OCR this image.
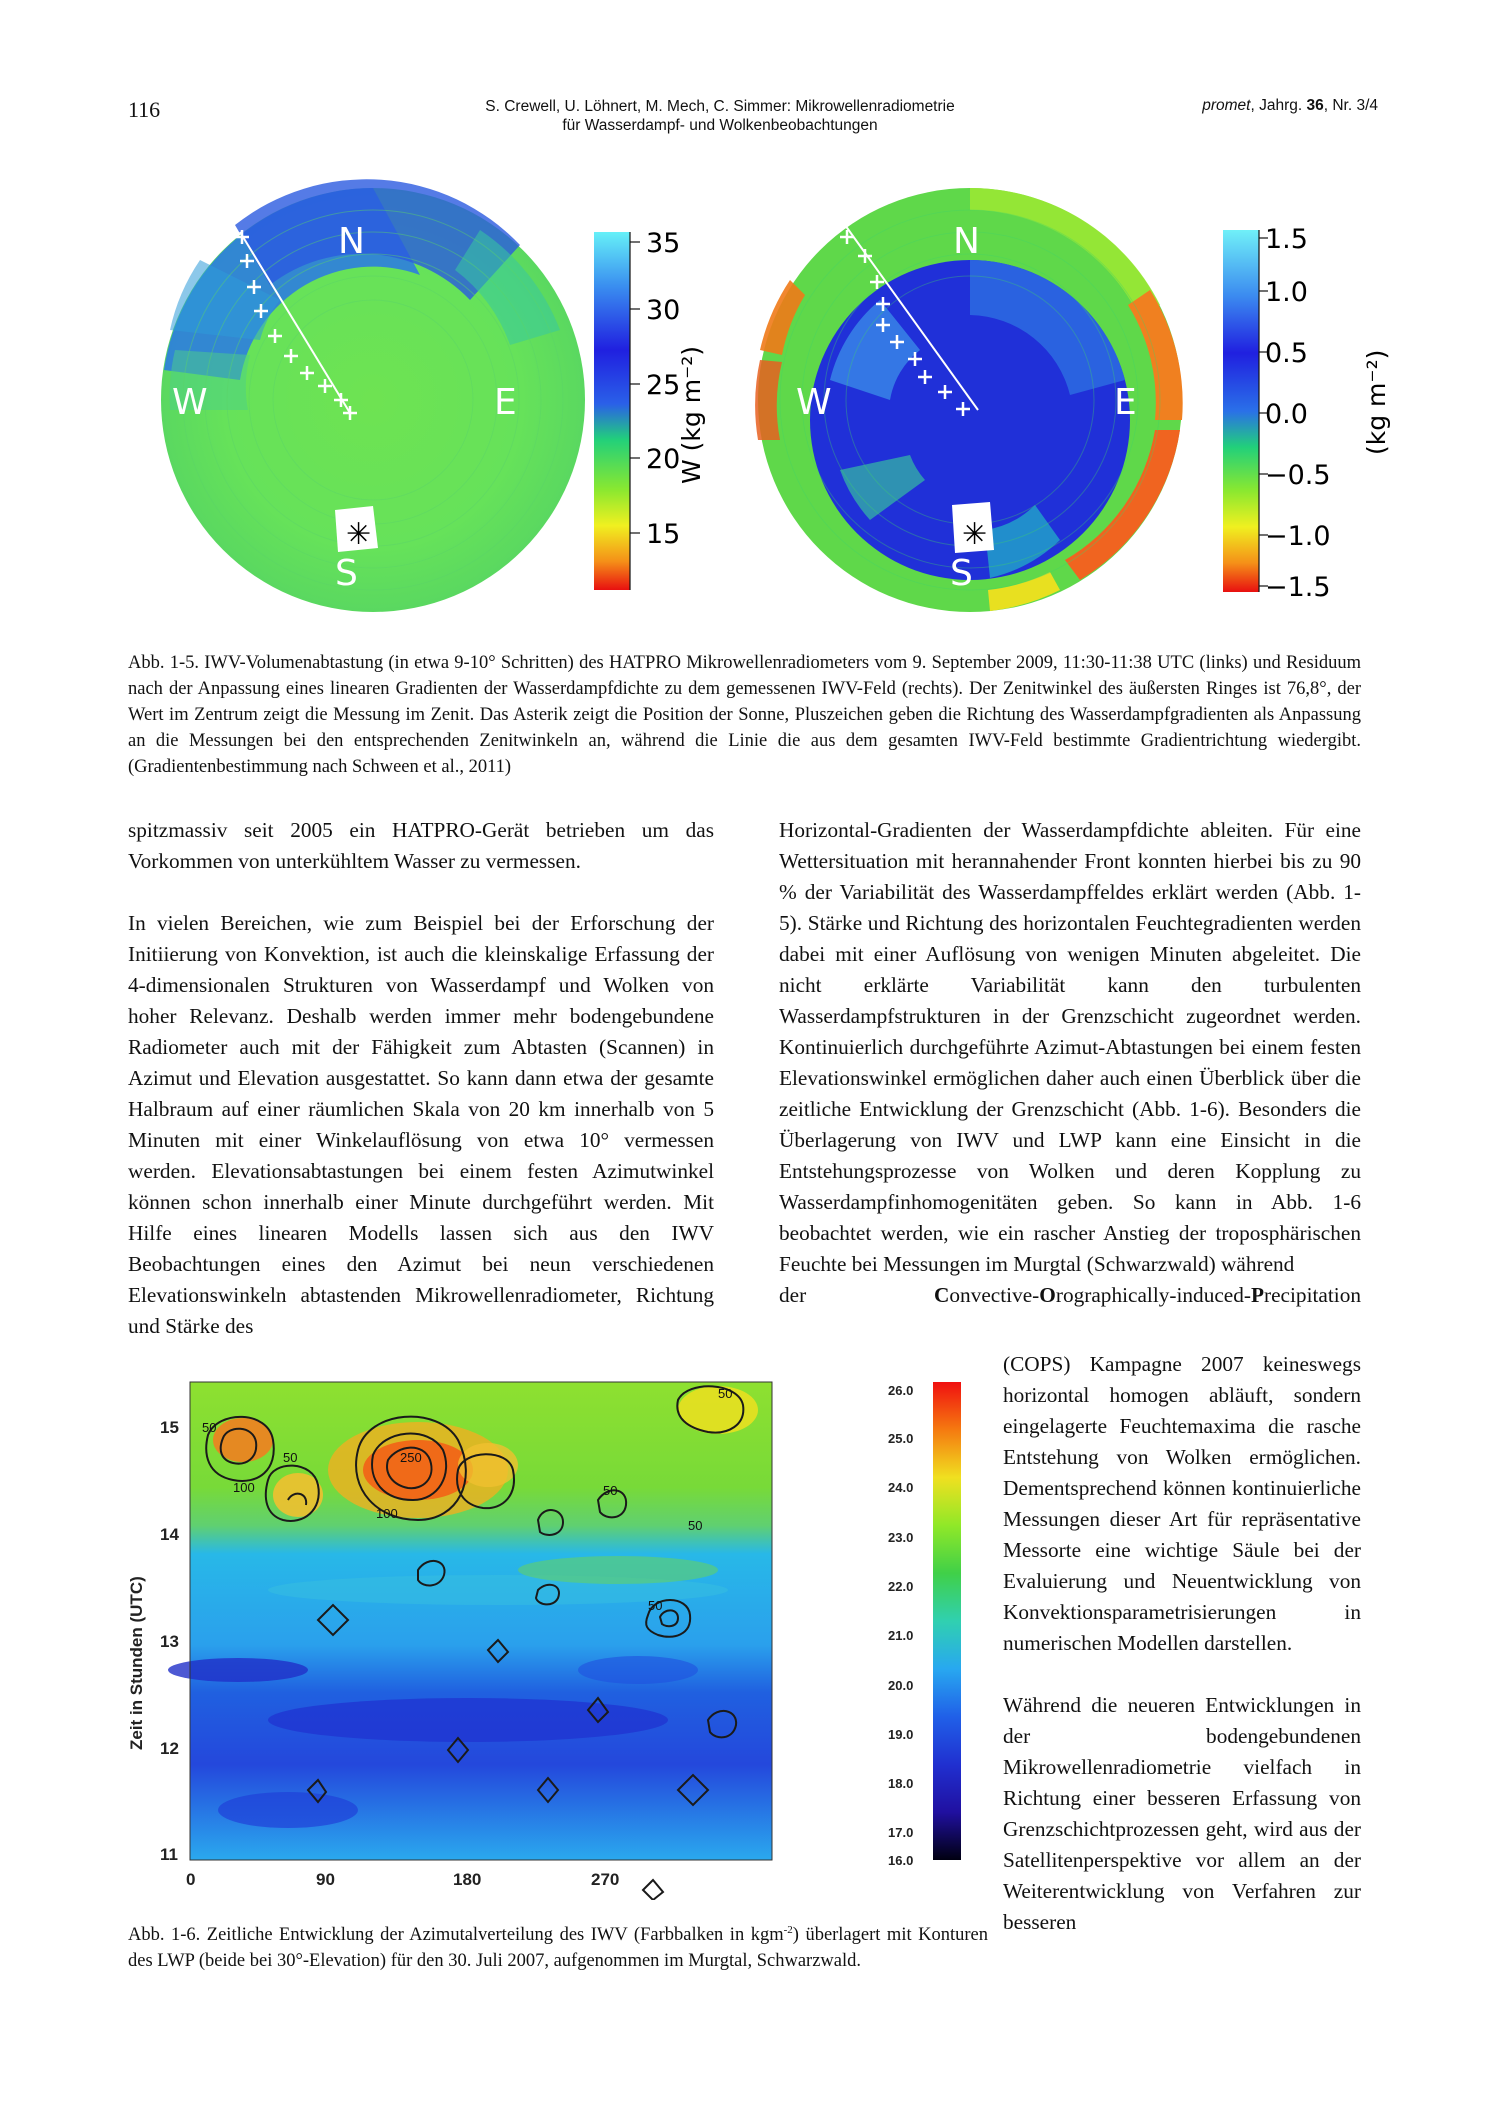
116	S. Crewell, U. Löhnert, M. Mech, C. Simmer: Mikrowellenradiometrie
für Wasserdampf- und Wolkenbeobachtungen
promet, Jahrg. 36, Nr. 3/4
N
W	E
S
✳
35
30
25
20
15
W (kg m⁻²)
N
W	E
S
✳
1.5
1.0
0.5
0.0
−0.5
−1.0
−1.5
(kg m⁻²)
Abb. 1-5. IWV-Volumenabtastung (in etwa 9-10° Schritten) des HATPRO Mikrowellenradiometers vom 9. September 2009, 11:30-11:38 UTC (links) und Residuum nach der Anpassung eines linearen Gradienten der Wasserdampfdichte zu dem gemessenen IWV-Feld (rechts). Der Zenitwinkel des äußersten Ringes ist 76,8°, der Wert im Zentrum zeigt die Messung im Zenit. Das Asterik zeigt die Position der Sonne, Pluszeichen geben die Richtung des Wasserdampfgradienten als Anpassung an die Messungen bei den entsprechenden Zenitwinkeln an, während die Linie die aus dem gesamten IWV-Feld bestimmte Gradientrichtung wiedergibt. (Gradientenbestimmung nach Schween et al., 2011)

spitzmassiv seit 2005 ein HATPRO-Gerät betrieben um das Vorkommen von unterkühltem Wasser zu vermessen.

In vielen Bereichen, wie zum Beispiel bei der Erforschung der Initiierung von Konvektion, ist auch die kleinskalige Erfassung der 4-dimensionalen Strukturen von Wasserdampf und Wolken von hoher Relevanz. Deshalb werden immer mehr bodengebundene Radiometer auch mit der Fähigkeit zum Abtasten (Scannen) in Azimut und Elevation ausgestattet. So kann dann etwa der gesamte Halbraum auf einer räumlichen Skala von 20 km innerhalb von 5 Minuten mit einer Winkelauflösung von etwa 10° vermessen werden. Elevationsabtastungen bei einem festen Azimutwinkel können schon innerhalb einer Minute durchgeführt werden. Mit Hilfe eines linearen Modells lassen sich aus den IWV Beobachtungen eines den Azimut bei neun verschiedenen Elevationswinkeln abtastenden Mikrowellenradiometer, Richtung und Stärke des

Horizontal-Gradienten der Wasserdampfdichte ableiten. Für eine Wettersituation mit herannahender Front konnten hierbei bis zu 90 % der Variabilität des Wasserdampffeldes erklärt werden (Abb. 1-5). Stärke und Richtung des horizontalen Feuchtegradienten werden dabei mit einer Auflösung von wenigen Minuten abgeleitet. Die nicht erklärte Variabilität kann den turbulenten Wasserdampfstrukturen in der Grenzschicht zugeordnet werden. Kontinuierlich durchgeführte Azimut-Abtastungen bei einem festen Elevationswinkel ermöglichen daher auch einen Überblick über die zeitliche Entwicklung der Grenzschicht (Abb. 1-6). Besonders die Überlagerung von IWV und LWP kann eine Einsicht in die Entstehungsprozesse von Wolken und deren Kopplung zu Wasserdampfinhomogenitäten geben. So kann in Abb. 1-6 beobachtet werden, wie ein rascher Anstieg der troposphärischen Feuchte bei Messungen im Murgtal (Schwarzwald) während
der	Convective-Orographically-induced-Precipitation

(COPS) Kampagne 2007 keineswegs horizontal homogen abläuft, sondern eingelagerte Feuchtemaxima die rasche Entstehung von Wolken ermöglichen. Dementsprechend können kontinuierliche Messungen dieser Art für repräsentative Messorte eine wichtige Säule bei der Evaluierung und Neuentwicklung von Konvektionsparametrisierungen in numerischen Modellen darstellen.

Während die neueren Entwicklungen in der bodengebundenen Mikrowellenradiometrie vielfach in Richtung einer besseren Erfassung von Grenzschichtprozessen geht, wird aus der Satellitenperspektive vor allem an der Weiterentwicklung von Verfahren zur besseren

250
100
100
50
50
50
50
50
50
15
14
13
12
11
Zeit in Stunden (UTC)
0	90	180	270
26.0
25.0
24.0
23.0
22.0
21.0
20.0
19.0
18.0
17.0
16.0
Abb. 1-6. Zeitliche Entwicklung der Azimutalverteilung des IWV (Farbbalken in kgm$^{-2}$) überlagert mit Konturen des LWP (beide bei 30°-Elevation) für den 30. Juli 2007, aufgenommen im Murgtal, Schwarzwald.
